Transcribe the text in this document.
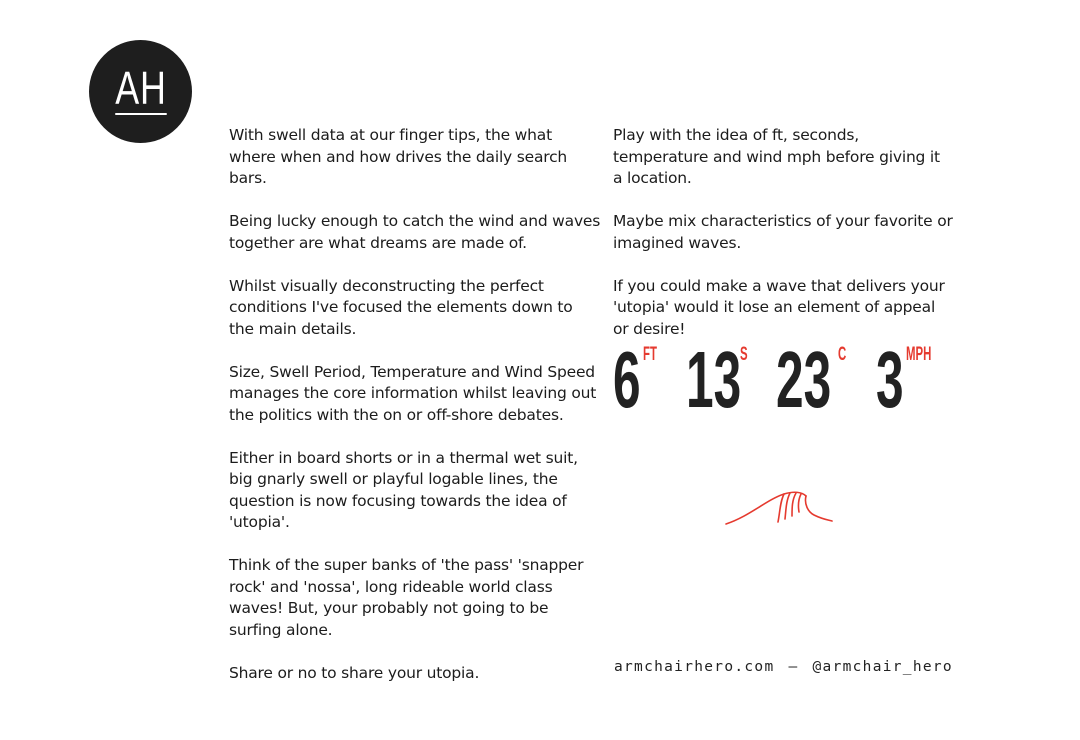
AH

With swell data at our finger tips, the what where when and how drives the daily search bars.

Being lucky enough to catch the wind and waves together are what dreams are made of.

Whilst visually deconstructing the perfect conditions I've focused the elements down to the main details.

Size, Swell Period, Temperature and Wind Speed manages the core information whilst leaving out the politics with the on or off-shore debates.

Either in board shorts or in a thermal wet suit, big gnarly swell or playful logable lines, the question is now focusing towards the idea of 'utopia'.

Think of the super banks of 'the pass' 'snapper rock' and 'nossa', long rideable world class waves! But, your probably not going to be surfing alone.

Share or no to share your utopia.

Play with the idea of ft, seconds, temperature and wind mph before giving it a location.

Maybe mix characteristics of your favorite or imagined waves.

If you could make a wave that delivers your 'utopia' would it lose an element of appeal or desire!

6 FT 13
S 23 C 3 MPH
armchairhero.com — @armchair_hero
